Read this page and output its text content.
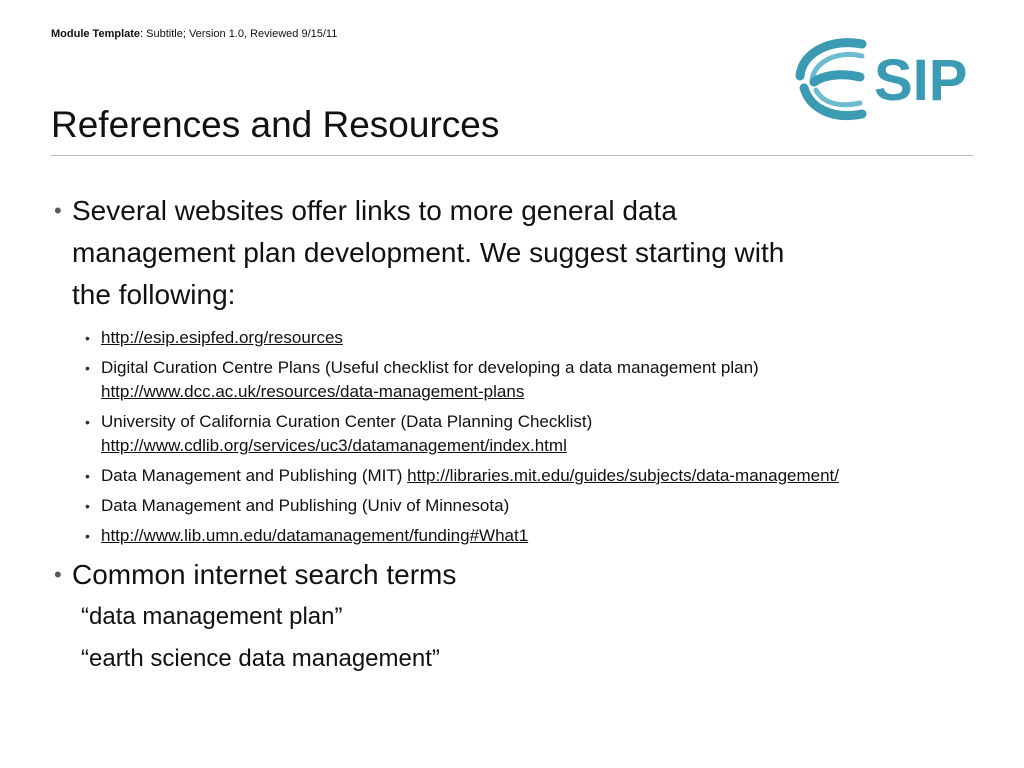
Module Template: Subtitle; Version 1.0, Reviewed 9/15/11
SIP
References and Resources
• Several websites offer links to more general data
management plan development. We suggest starting with
the following:
• http://esip.esipfed.org/resources
• Digital Curation Centre Plans (Useful checklist for developing a data management plan)
http://www.dcc.ac.uk/resources/data-management-plans
• University of California Curation Center (Data Planning Checklist)
http://www.cdlib.org/services/uc3/datamanagement/index.html
• Data Management and Publishing (MIT) http://libraries.mit.edu/guides/subjects/data-management/
• Data Management and Publishing (Univ of Minnesota)
• http://www.lib.umn.edu/datamanagement/funding#What1
• Common internet search terms
“data management plan”
“earth science data management”
